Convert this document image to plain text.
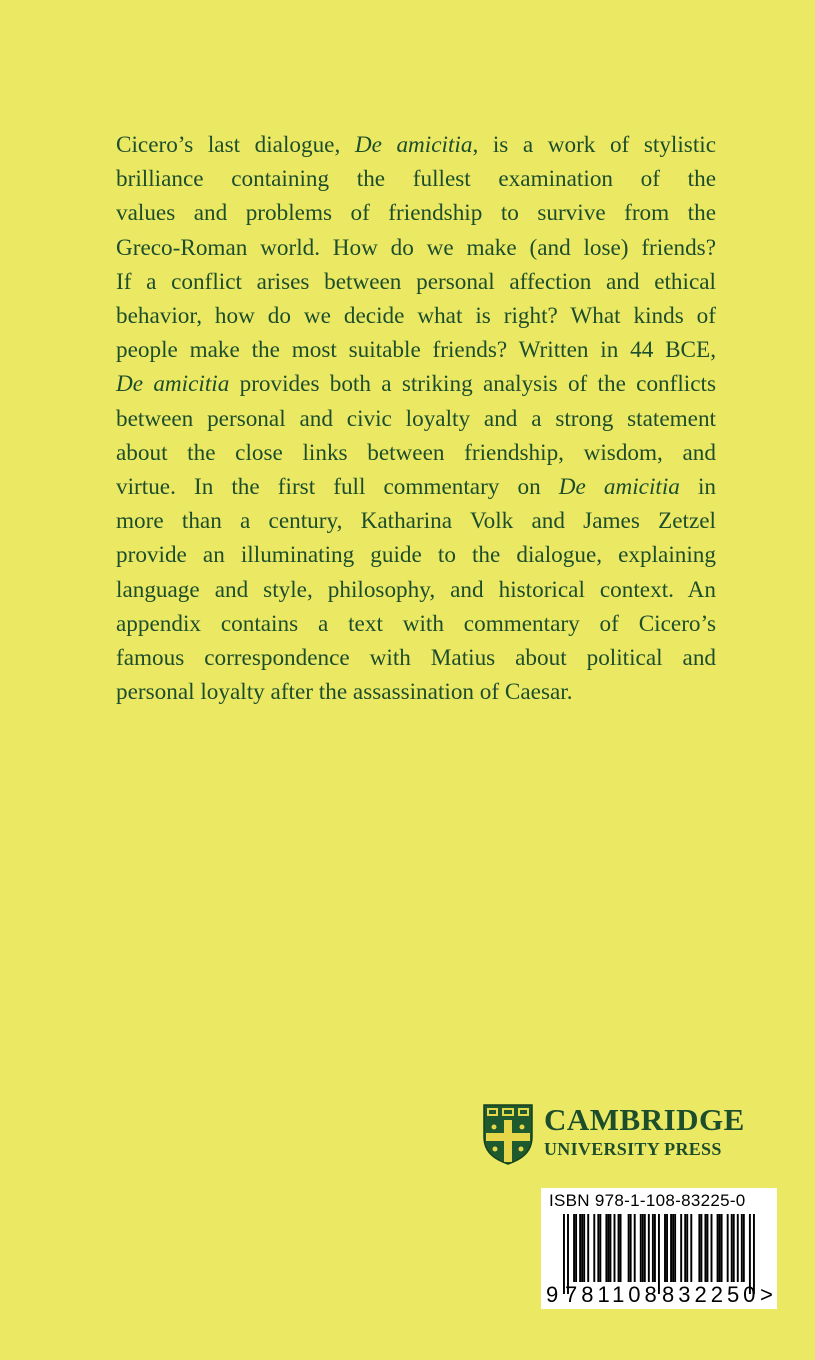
Cicero’s last dialogue, De amicitia, is a work of stylistic
brilliance containing the fullest examination of the
values and problems of friendship to survive from the
Greco-Roman world. How do we make (and lose) friends?
If a conflict arises between personal affection and ethical
behavior, how do we decide what is right? What kinds of
people make the most suitable friends? Written in 44 BCE,
De amicitia provides both a striking analysis of the conflicts
between personal and civic loyalty and a strong statement
about the close links between friendship, wisdom, and
virtue. In the first full commentary on De amicitia in
more than a century, Katharina Volk and James Zetzel
provide an illuminating guide to the dialogue, explaining
language and style, philosophy, and historical context. An
appendix contains a text with commentary of Cicero’s
famous correspondence with Matius about political and
personal loyalty after the assassination of Caesar.
CAMBRIDGE
UNIVERSITY PRESS
ISBN 978-1-108-83225-0
9 781108 832250 >
